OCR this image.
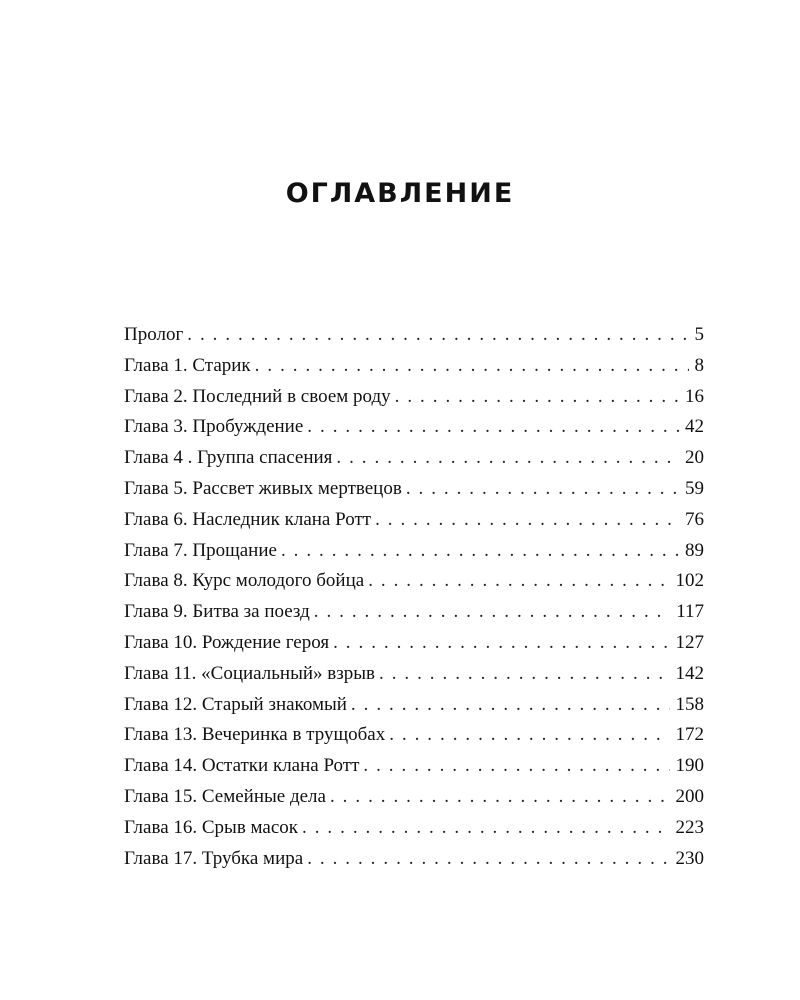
ОГЛАВЛЕНИЕ
Пролог . . .	5
Глава 1. Старик . . .	8
Глава 2. Последний в своем роду . . .	16
Глава 3. Пробуждение . . .	42
Глава 4 . Группа спасения . . .	20
Глава 5. Рассвет живых мертвецов . . .	59
Глава 6. Наследник клана Ротт . . .	76
Глава 7. Прощание . . .	89
Глава 8. Курс молодого бойца . . .	102
Глава 9. Битва за поезд . . .	117
Глава 10. Рождение героя . . .	127
Глава 11. «Социальный» взрыв . . .	142
Глава 12. Старый знакомый . . .	158
Глава 13. Вечеринка в трущобах . . .	172
Глава 14. Остатки клана Ротт . . .	190
Глава 15. Семейные дела . . .	200
Глава 16. Срыв масок . . .	223
Глава 17. Трубка мира . . .	230
